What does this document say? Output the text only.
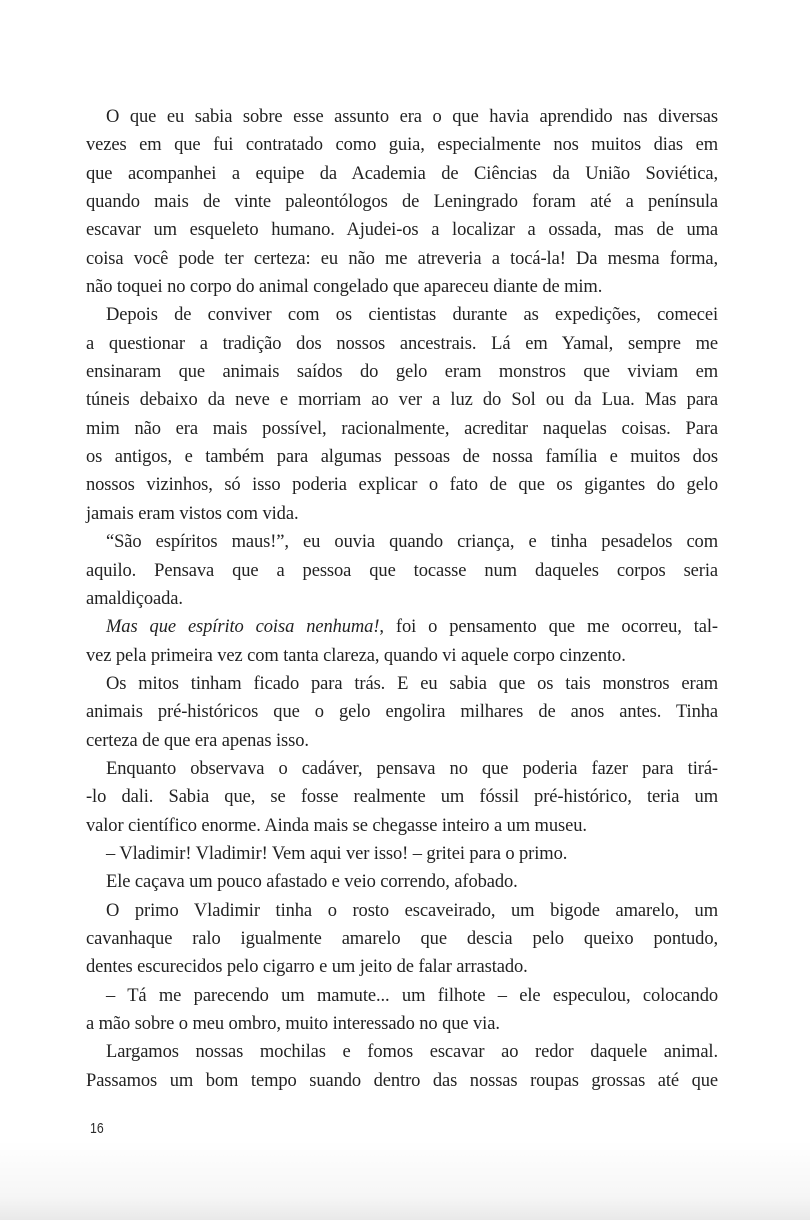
O que eu sabia sobre esse assunto era o que havia aprendido nas diversas
vezes em que fui contratado como guia, especialmente nos muitos dias em
que acompanhei a equipe da Academia de Ciências da União Soviética,
quando mais de vinte paleontólogos de Leningrado foram até a península
escavar um esqueleto humano. Ajudei-os a localizar a ossada, mas de uma
coisa você pode ter certeza: eu não me atreveria a tocá-la! Da mesma forma,
não toquei no corpo do animal congelado que apareceu diante de mim.
Depois de conviver com os cientistas durante as expedições, comecei
a questionar a tradição dos nossos ancestrais. Lá em Yamal, sempre me
ensinaram que animais saídos do gelo eram monstros que viviam em
túneis debaixo da neve e morriam ao ver a luz do Sol ou da Lua. Mas para
mim não era mais possível, racionalmente, acreditar naquelas coisas. Para
os antigos, e também para algumas pessoas de nossa família e muitos dos
nossos vizinhos, só isso poderia explicar o fato de que os gigantes do gelo
jamais eram vistos com vida.
“São espíritos maus!”, eu ouvia quando criança, e tinha pesadelos com
aquilo. Pensava que a pessoa que tocasse num daqueles corpos seria
amaldiçoada.
Mas que espírito coisa nenhuma!, foi o pensamento que me ocorreu, tal-
vez pela primeira vez com tanta clareza, quando vi aquele corpo cinzento.
Os mitos tinham ficado para trás. E eu sabia que os tais monstros eram
animais pré-históricos que o gelo engolira milhares de anos antes. Tinha
certeza de que era apenas isso.
Enquanto observava o cadáver, pensava no que poderia fazer para tirá-
-lo dali. Sabia que, se fosse realmente um fóssil pré-histórico, teria um
valor científico enorme. Ainda mais se chegasse inteiro a um museu.
– Vladimir! Vladimir! Vem aqui ver isso! – gritei para o primo.
Ele caçava um pouco afastado e veio correndo, afobado.
O primo Vladimir tinha o rosto escaveirado, um bigode amarelo, um
cavanhaque ralo igualmente amarelo que descia pelo queixo pontudo,
dentes escurecidos pelo cigarro e um jeito de falar arrastado.
– Tá me parecendo um mamute... um filhote – ele especulou, colocando
a mão sobre o meu ombro, muito interessado no que via.
Largamos nossas mochilas e fomos escavar ao redor daquele animal.
Passamos um bom tempo suando dentro das nossas roupas grossas até que
16
